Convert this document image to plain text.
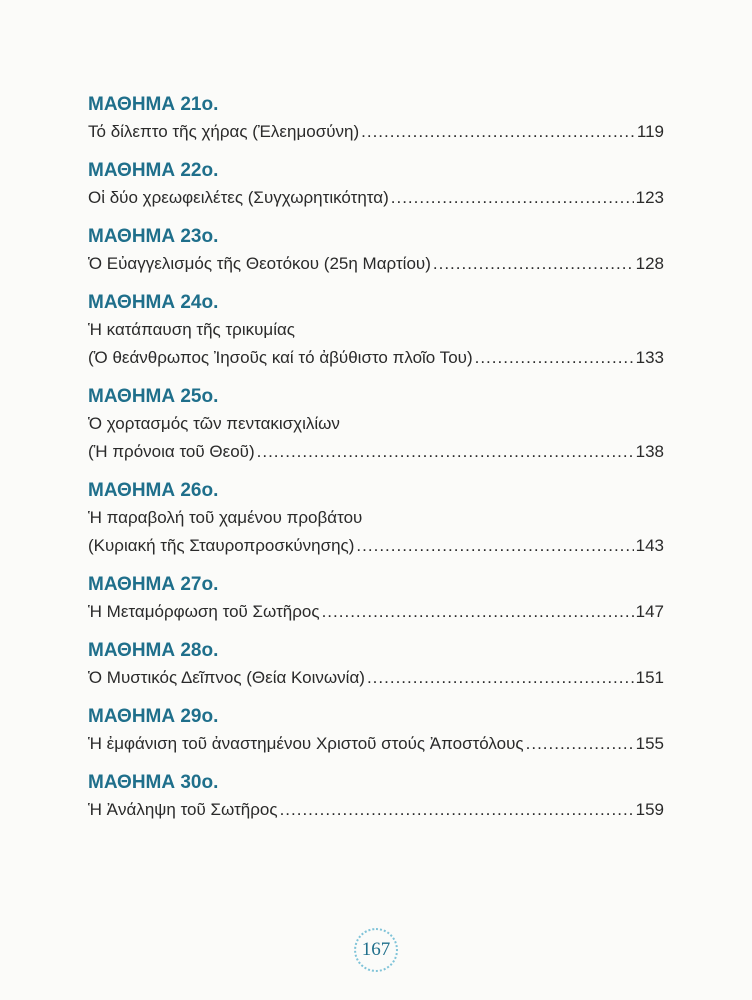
ΜΑΘΗΜΑ 21ο.
Τό δίλεπτο τῆς χήρας (Ἐλεημοσύνη) .....	119
ΜΑΘΗΜΑ 22ο.
Οἱ δύο χρεωφειλέτες (Συγχωρητικότητα) .....	123
ΜΑΘΗΜΑ 23ο.
Ὁ Εὐαγγελισμός τῆς Θεοτόκου (25η Μαρτίου) .....	128
ΜΑΘΗΜΑ 24ο.
Ἡ κατάπαυση τῆς τρικυμίας
(Ὁ θεάνθρωπος Ἰησοῦς καί τό ἀβύθιστο πλοῖο Του) .....	133
ΜΑΘΗΜΑ 25ο.
Ὁ χορτασμός τῶν πεντακισχιλίων
(Ἡ πρόνοια τοῦ Θεοῦ) .....	138
ΜΑΘΗΜΑ 26ο.
Ἡ παραβολή τοῦ χαμένου προβάτου
(Κυριακή τῆς Σταυροπροσκύνησης) .....	143
ΜΑΘΗΜΑ 27ο.
Ἡ Μεταμόρφωση τοῦ Σωτῆρος .....	147
ΜΑΘΗΜΑ 28ο.
Ὁ Μυστικός Δεῖπνος (Θεία Κοινωνία) .....	151
ΜΑΘΗΜΑ 29ο.
Ἡ ἐμφάνιση τοῦ ἀναστημένου Χριστοῦ στούς Ἀποστόλους .....	155
ΜΑΘΗΜΑ 30ο.
Ἡ Ἀνάληψη τοῦ Σωτῆρος .....	159
167
